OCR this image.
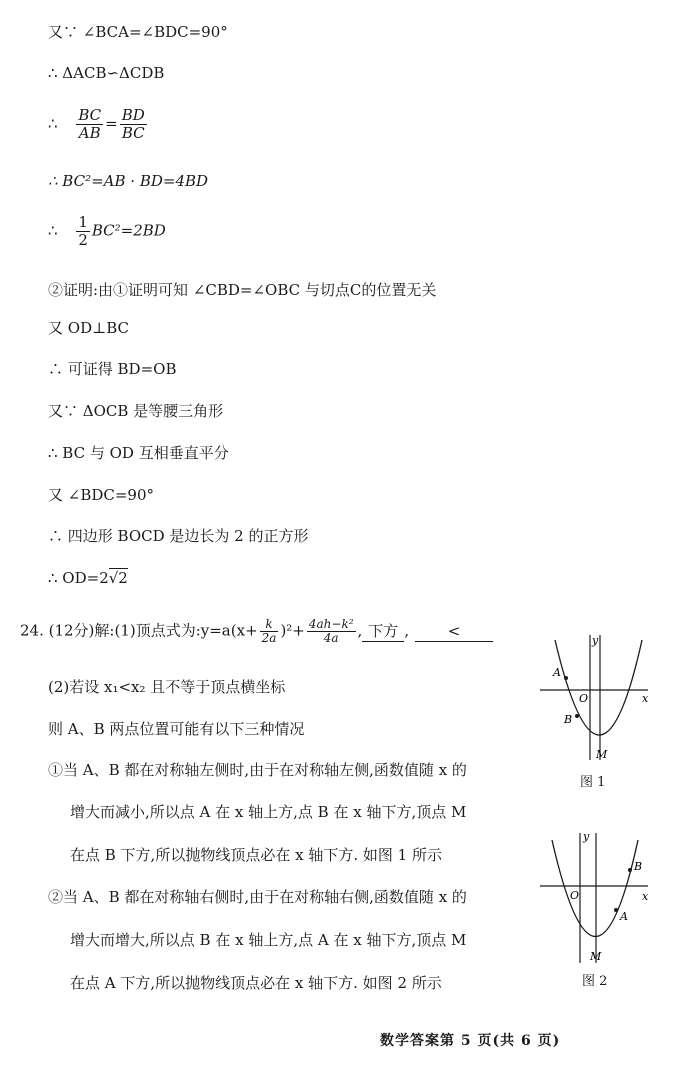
又∵ ∠BCA=∠BDC=90°
∴ ΔACB∽ΔCDB
∴ $\frac{BC}{AB} = \frac{BD}{BC}$
∴ BC²=AB · BD=4BD
∴ $\frac{1}{2} BC^2=2BD$
②证明:由①证明可知 ∠CBD=∠OBC 与切点C的位置无关
又 OD⊥BC
∴ 可证得 BD=OB
又∵ ΔOCB 是等腰三角形
∴ BC 与 OD 互相垂直平分
又 ∠BDC=90°
∴ 四边形 BOCD 是边长为 2 的正方形
∴ OD=2√2
24. (12分)解:(1)顶点式为:y=a(x+ $\frac{k}{2a} )^2+ \frac{\text{4ah−k²}}{4a}$ , 下方 ,	<
(2)若设 x₁<x₂ 且不等于顶点横坐标
则 A、B 两点位置可能有以下三种情况
①当 A、B 都在对称轴左侧时,由于在对称轴左侧,函数值随 x 的
增大而减小,所以点 A 在 x 轴上方,点 B 在 x 轴下方,顶点 M
在点 B 下方,所以抛物线顶点必在 x 轴下方. 如图 1 所示
②当 A、B 都在对称轴右侧时,由于在对称轴右侧,函数值随 x 的
增大而增大,所以点 B 在 x 轴上方,点 A 在 x 轴下方,顶点 M
在点 A 下方,所以抛物线顶点必在 x 轴下方. 如图 2 所示
y
x
O
A
B
M
图 1
y
x
O
B
A
M
图 2
数学答案第 5 页(共 6 页)
